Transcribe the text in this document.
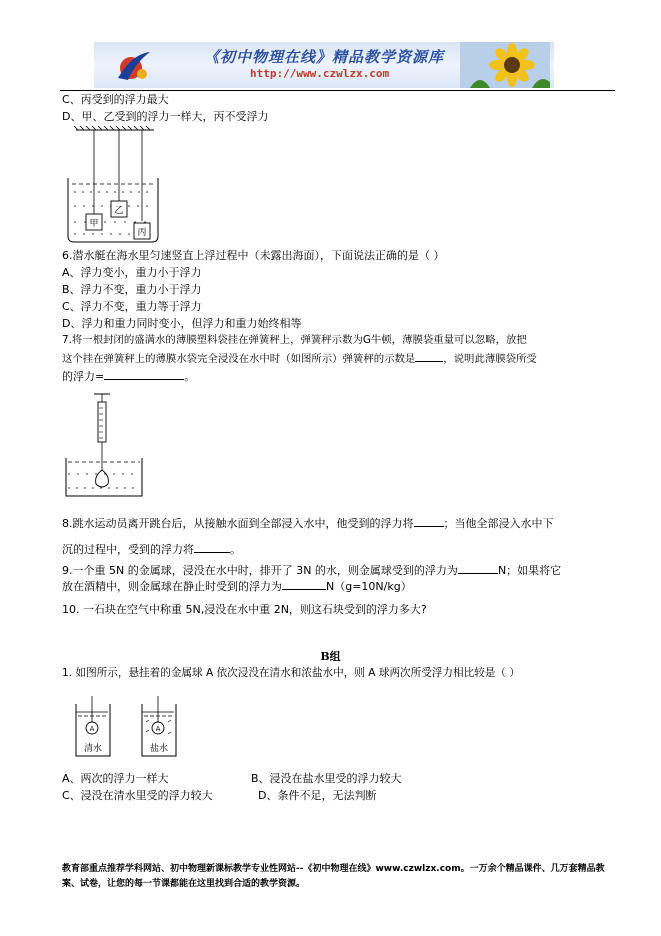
《初中物理在线》精品教学资源库
http://www.czwlzx.com
C、丙受到的浮力最大
D、甲、乙受到的浮力一样大，丙不受浮力
甲
乙
丙
6.潜水艇在海水里匀速竖直上浮过程中（未露出海面），下面说法正确的是（ ）
A、浮力变小，重力小于浮力
B、浮力不变，重力小于浮力
C、浮力不变，重力等于浮力
D、浮力和重力同时变小，但浮力和重力始终相等
7.将一根封闭的盛满水的薄膜塑料袋挂在弹簧秤上，弹簧秤示数为G牛顿，薄膜袋重量可以忽略，放把
这个挂在弹簧秤上的薄膜水袋完全浸没在水中时（如图所示）弹簧秤的示数是	，说明此薄膜袋所受
的浮力=	。
8.跳水运动员离开跳台后，从接触水面到全部浸入水中，他受到的浮力将	；当他全部浸入水中下
沉的过程中，受到的浮力将	。
9.一个重 5N 的金属球，浸没在水中时，排开了 3N 的水，则金属球受到的浮力为	N；如果将它
放在酒精中，则金属球在静止时受到的浮力为	N（g=10N/kg）
10. 一石块在空气中称重 5N,浸没在水中重 2N，则这石块受到的浮力多大?
B组
1. 如图所示，悬挂着的金属球 A 依次浸没在清水和浓盐水中，则 A 球两次所受浮力相比较是（ ）
A
清水
A
盐水
A、两次的浮力一样大	B、浸没在盐水里受的浮力较大
C、浸没在清水里受的浮力较大	D、条件不足，无法判断
教育部重点推荐学科网站、初中物理新课标教学专业性网站--《初中物理在线》www.czwlzx.com。一万余个精品课件、几万套精品教案、试卷，让您的每一节课都能在这里找到合适的教学资源。
